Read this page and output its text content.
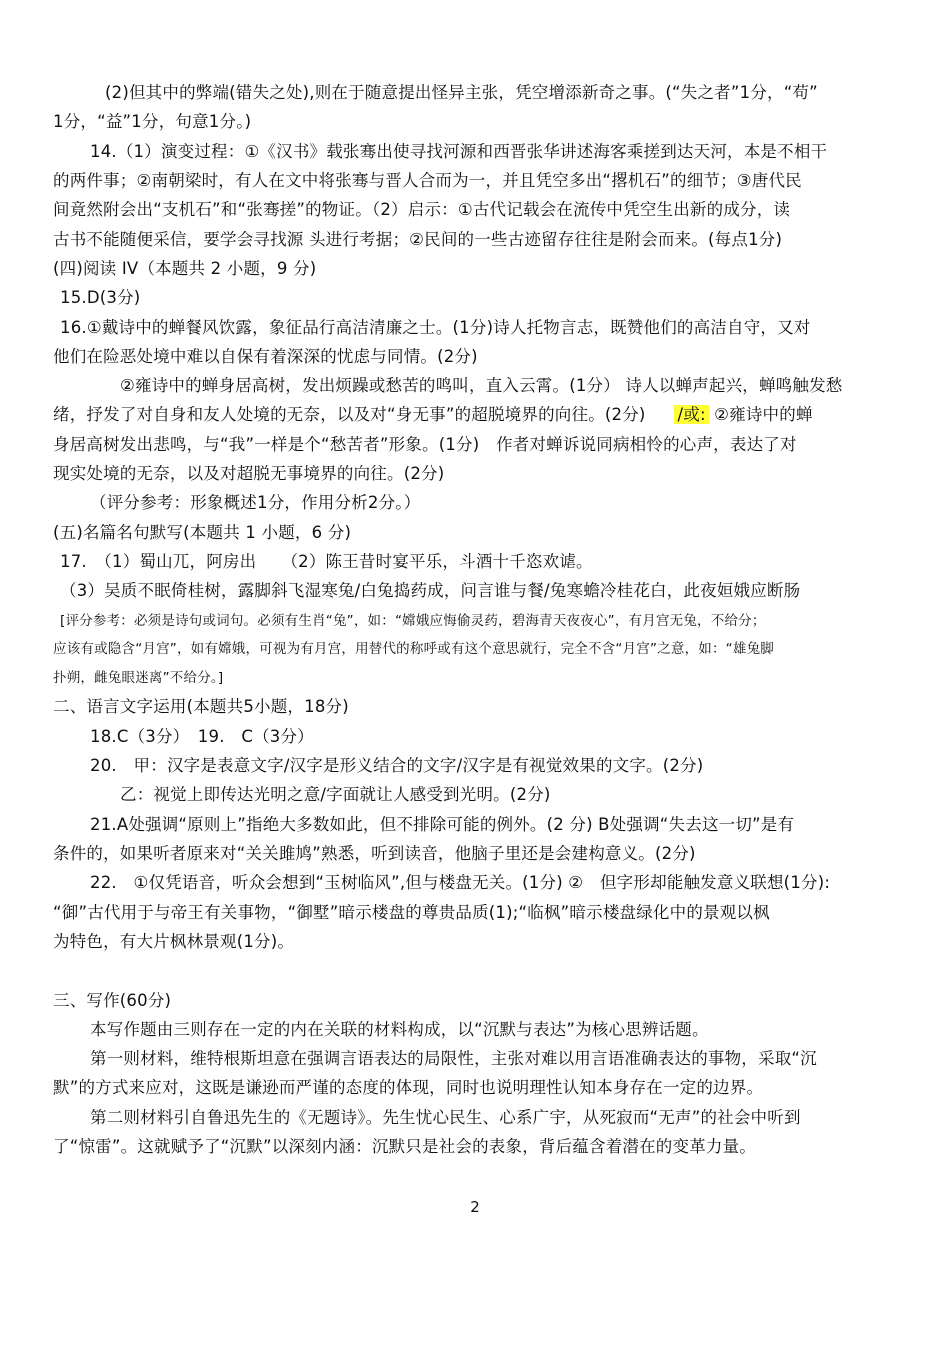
(2)但其中的弊端(错失之处),则在于随意提出怪异主张，凭空增添新奇之事。(“失之者”1分，“苟”
1分，“益”1分，句意1分。)
14.（1）演变过程：①《汉书》载张骞出使寻找河源和西晋张华讲述海客乘搓到达天河，本是不相干
的两件事；②南朝梁时，有人在文中将张骞与晋人合而为一，并且凭空多出“撂机石”的细节；③唐代民
间竟然附会出“支机石”和“张骞搓”的物证。（2）启示：①古代记载会在流传中凭空生出新的成分，读
古书不能随便采信，要学会寻找源 头进行考据；②民间的一些古迹留存往往是附会而来。(每点1分)
(四)阅读 IV（本题共 2 小题，9 分)
15.D(3分)
16.①戴诗中的蝉餐风饮露，象征品行高洁清廉之士。(1分)诗人托物言志，既赞他们的高洁自守，又对
他们在险恶处境中难以自保有着深深的忧虑与同情。(2分)
②雍诗中的蝉身居高树，发出烦躁或愁苦的鸣叫，直入云霄。(1分） 诗人以蝉声起兴，蝉鸣触发愁
绪，抒发了对自身和友人处境的无奈，以及对“身无事”的超脱境界的向往。(2分) /或: ②雍诗中的蝉
身居高树发出悲鸣，与“我”一样是个“愁苦者”形象。(1分)　作者对蝉诉说同病相怜的心声，表达了对
现实处境的无奈，以及对超脱无事境界的向往。(2分)
（评分参考：形象概述1分，作用分析2分。）
(五)名篇名句默写(本题共 1 小题，6 分)
17.　（1）蜀山兀，阿房出　　（2）陈王昔时宴平乐，斗酒十千恣欢谑。
（3）吴质不眠倚桂树，露脚斜飞湿寒兔/白兔捣药成，问言谁与餐/兔寒蟾冷桂花白，此夜姮娥应断肠
[评分参考：必须是诗句或词句。必须有生肖“兔”，如：“嫦娥应悔偷灵药，碧海青天夜夜心”，有月宫无兔，不给分；
应该有或隐含“月宫”，如有嫦娥，可视为有月宫，用替代的称呼或有这个意思就行，完全不含“月宫”之意，如：“雄兔脚
扑朔，雌兔眼迷离”不给分。]
二、语言文字运用(本题共5小题，18分)
18.C（3分）　19.　C（3分）
20.　甲：汉字是表意文字/汉字是形义结合的文字/汉字是有视觉效果的文字。(2分)
乙：视觉上即传达光明之意/字面就让人感受到光明。(2分)
21.A处强调“原则上”指绝大多数如此，但不排除可能的例外。(2 分) B处强调“失去这一切”是有
条件的，如果听者原来对“关关雎鸠”熟悉，听到读音，他脑子里还是会建构意义。(2分)
22.　①仅凭语音，听众会想到“玉树临风”,但与楼盘无关。(1分) ②　但字形却能触发意义联想(1分):
“御”古代用于与帝王有关事物，“御墅”暗示楼盘的尊贵品质(1);“临枫”暗示楼盘绿化中的景观以枫
为特色，有大片枫林景观(1分)。
三、写作(60分)
本写作题由三则存在一定的内在关联的材料构成，以“沉默与表达”为核心思辨话题。
第一则材料，维特根斯坦意在强调言语表达的局限性，主张对难以用言语准确表达的事物，采取“沉
默”的方式来应对，这既是谦逊而严谨的态度的体现，同时也说明理性认知本身存在一定的边界。
第二则材料引自鲁迅先生的《无题诗》。先生忧心民生、心系广宇，从死寂而“无声”的社会中听到
了“惊雷”。这就赋予了“沉默”以深刻内涵：沉默只是社会的表象，背后蕴含着潜在的变革力量。
2
